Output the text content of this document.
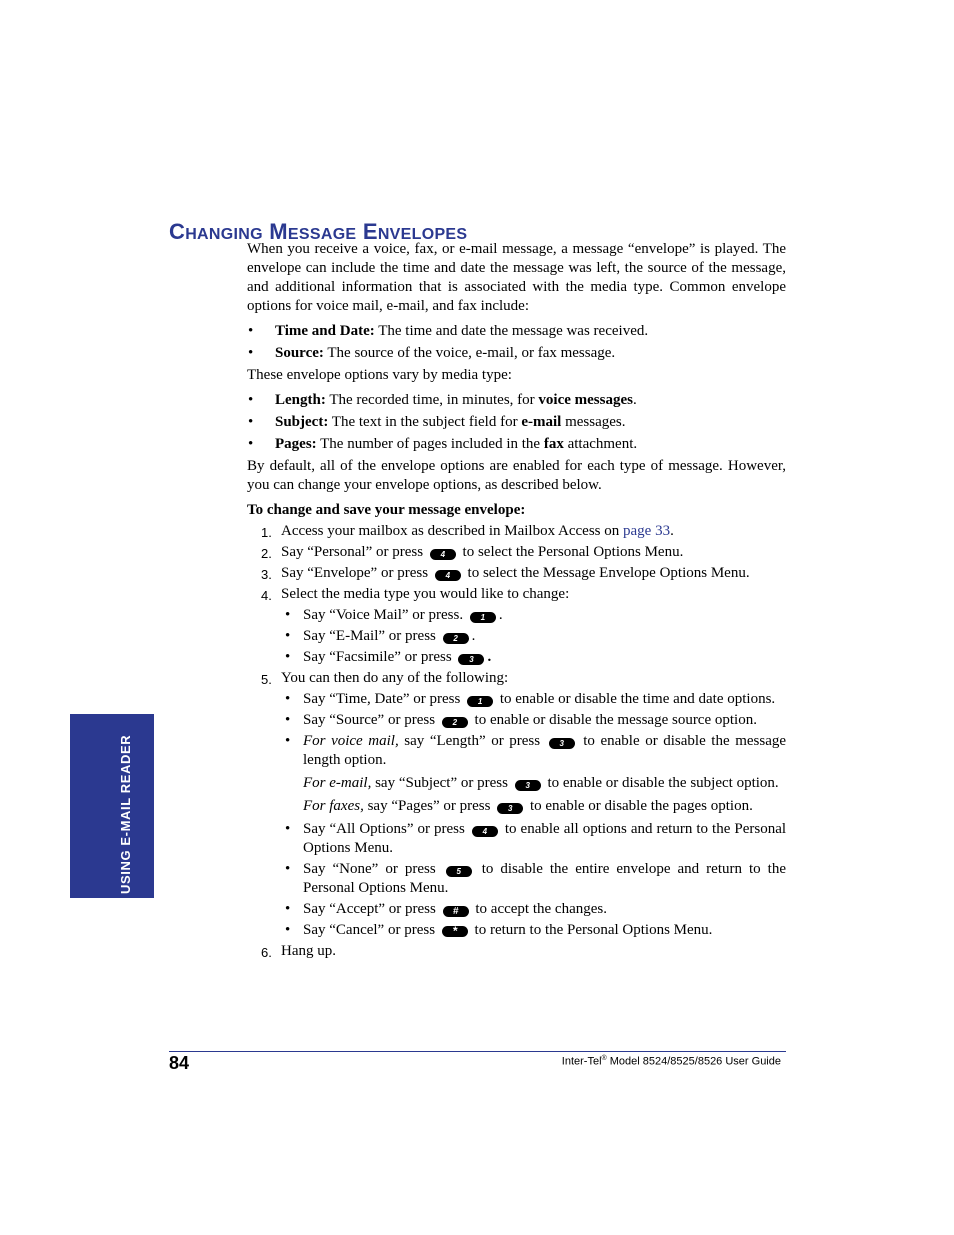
CHANGING MESSAGE ENVELOPES

When you receive a voice, fax, or e-mail message, a message “envelope” is played. The envelope can include the time and date the message was left, the source of the message, and additional information that is associated with the media type. Common envelope options for voice mail, e-mail, and fax include:

• Time and Date: The time and date the message was received.
• Source: The source of the voice, e-mail, or fax message.

These envelope options vary by media type:

• Length: The recorded time, in minutes, for voice messages.
• Subject: The text in the subject field for e-mail messages.
• Pages: The number of pages included in the fax attachment.

By default, all of the envelope options are enabled for each type of message. However, you can change your envelope options, as described below.

To change and save your message envelope:

1. Access your mailbox as described in Mailbox Access on page 33.
2. Say “Personal” or press 4 to select the Personal Options Menu.
3. Say “Envelope” or press 4 to select the Message Envelope Options Menu.
4. Select the media type you would like to change:
• Say “Voice Mail” or press. 1 .
• Say “E-Mail” or press 2 .
• Say “Facsimile” or press 3 .
5. You can then do any of the following:
• Say “Time, Date” or press 1 to enable or disable the time and date options.
• Say “Source” or press 2 to enable or disable the message source option.
• For voice mail, say “Length” or press 3 to enable or disable the message length option.

For e-mail, say “Subject” or press 3 to enable or disable the subject option.

For faxes, say “Pages” or press 3 to enable or disable the pages option.

• Say “All Options” or press 4 to enable all options and return to the Personal Options Menu.
• Say “None” or press	5 to disable the entire envelope and return to the Personal Options Menu.
• Say “Accept” or press # to accept the changes.
• Say “Cancel” or press * to return to the Personal Options Menu.
6. Hang up.
USING E-MAIL READER
84	Inter-Tel® Model 8524/8525/8526 User Guide
